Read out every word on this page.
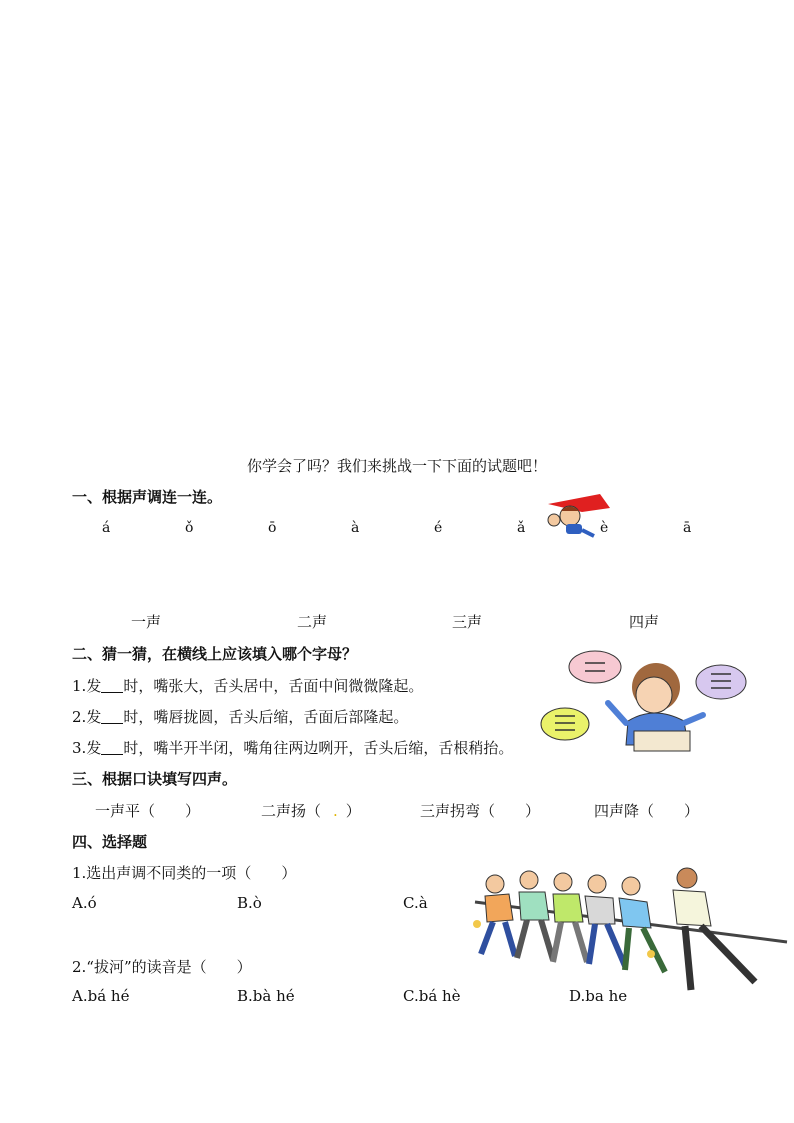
你学会了吗？我们来挑战一下下面的试题吧！
一、根据声调连一连。
á	ǒ	ō	à	é	ǎ	è	ā
一声	二声	三声	四声
二、猜一猜，在横线上应该填入哪个字母？
1.发 时，嘴张大，舌头居中，舌面中间微微隆起。
2.发 时，嘴唇拢圆，舌头后缩，舌面后部隆起。
3.发 时，嘴半开半闭，嘴角往两边咧开，舌头后缩，舌根稍抬。
三、根据口诀填写四声。
一声平（　　）	二声扬（ . ）	三声拐弯（　　）	四声降（　　）
四、选择题
1.选出声调不同类的一项（　　）
A.ó	B.ò	C.à
2.“拔河”的读音是（　　）
A.bá hé	B.bà hé	C.bá hè	D.ba he
